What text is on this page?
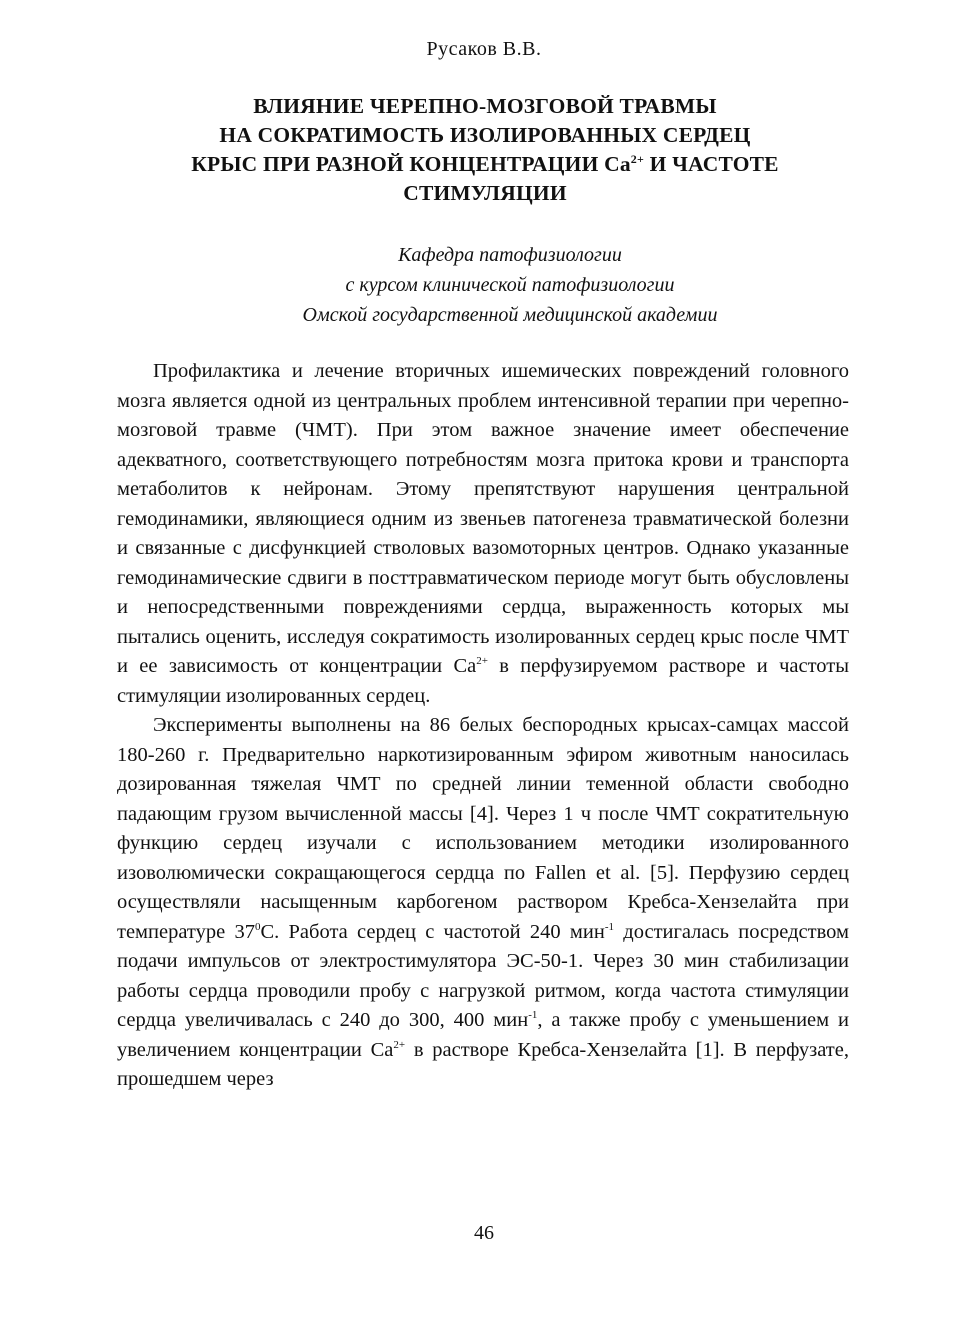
Русаков В.В.
ВЛИЯНИЕ ЧЕРЕПНО-МОЗГОВОЙ ТРАВМЫ
НА СОКРАТИМОСТЬ ИЗОЛИРОВАННЫХ СЕРДЕЦ
КРЫС ПРИ РАЗНОЙ КОНЦЕНТРАЦИИ $Ca^{2+}$ И ЧАСТОТЕ
СТИМУЛЯЦИИ
Кафедра патофизиологии
с курсом клинической патофизиологии
Омской государственной медицинской академии

Профилактика и лечение вторичных ишемических повреждений головного мозга является одной из центральных проблем интенсивной терапии при черепно-мозговой травме (ЧМТ). При этом важное значение имеет обеспечение адекватного, соответствующего потребностям мозга притока крови и транспорта метаболитов к нейронам. Этому препятствуют нарушения центральной гемодинамики, являющиеся одним из звеньев патогенеза травматической болезни и связанные с дисфункцией стволовых вазомоторных центров. Однако указанные гемодинамические сдвиги в посттравматическом периоде могут быть обусловлены и непосредственными повреждениями сердца, выраженность которых мы пытались оценить, исследуя сократимость изолированных сердец крыс после ЧМТ и ее зависимость от концентрации $Ca^{2+}$ в перфузируемом растворе и частоты стимуляции изолированных сердец.

Эксперименты выполнены на 86 белых беспородных крысах-самцах массой 180-260 г. Предварительно наркотизированным эфиром животным наносилась дозированная тяжелая ЧМТ по средней линии теменной области свободно падающим грузом вычисленной массы [4]. Через 1 ч после ЧМТ сократительную функцию сердец изучали с использованием методики изолированного изоволюмически сокращающегося сердца по Fallen et al. [5]. Перфузию сердец осуществляли насыщенным карбогеном раствором Кребса-Хензелайта при температуре $37^0С$. Работа сердец с частотой 240 мин$^{-1}$ достигалась посредством подачи импульсов от электростимулятора ЭС-50-1. Через 30 мин стабилизации работы сердца проводили пробу с нагрузкой ритмом, когда частота стимуляции сердца увеличивалась с 240 до 300, 400 мин$^{-1}$, а также пробу с уменьшением и увеличением концентрации $Ca^{2+}$ в растворе Кребса-Хензелайта [1]. В перфузате, прошедшем через

46
